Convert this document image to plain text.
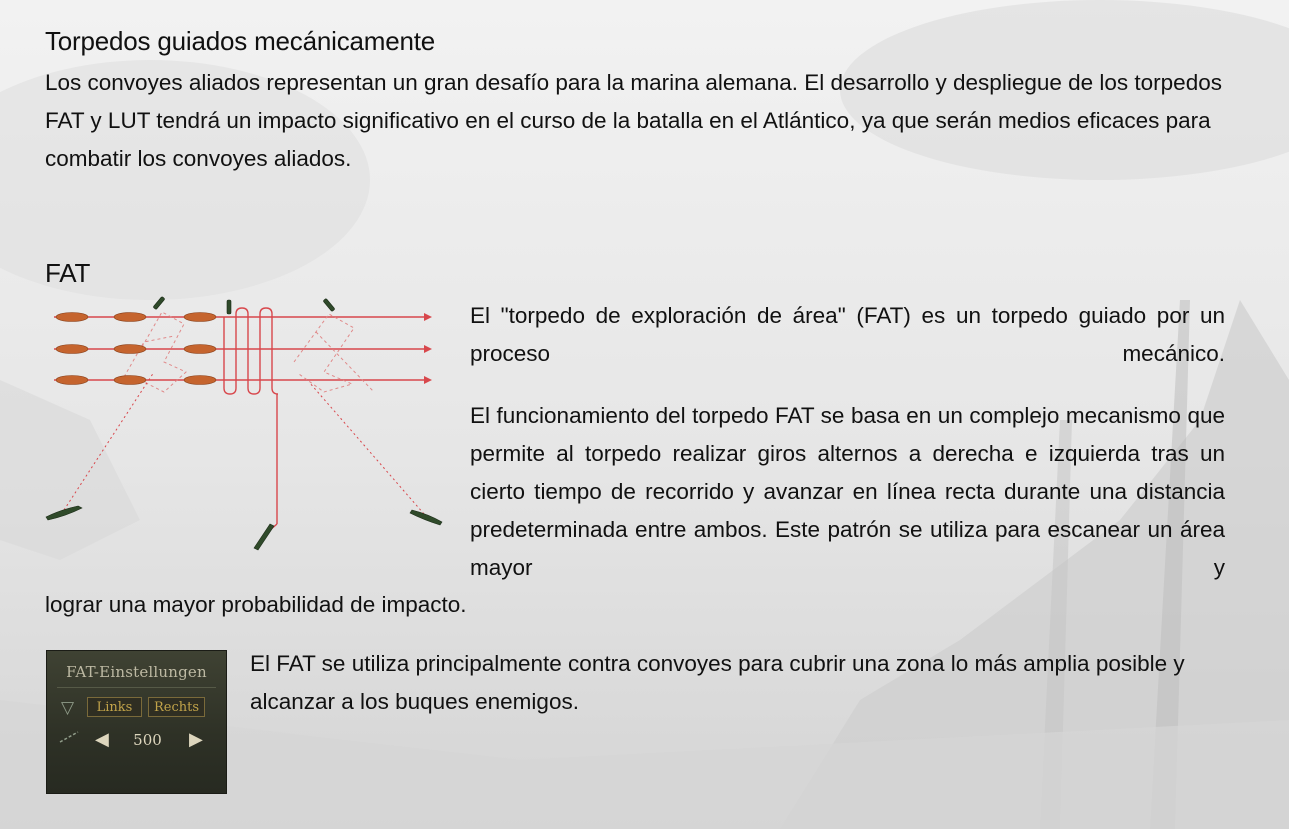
Torpedos guiados mecánicamente

Los convoyes aliados representan un gran desafío para la marina alemana. El desarrollo y despliegue de los torpedos FAT y LUT tendrá un impacto significativo en el curso de la batalla en el Atlántico, ya que serán medios eficaces para combatir los convoyes aliados.

FAT

El "torpedo de exploración de área" (FAT) es un torpedo guiado por un proceso mecánico.

El funcionamiento del torpedo FAT se basa en un complejo mecanismo que permite al torpedo realizar giros alternos a derecha e izquierda tras un cierto tiempo de recorrido y avanzar en línea recta durante una distancia predeterminada entre ambos. Este patrón se utiliza para escanear un área mayor y

lograr una mayor probabilidad de impacto.

FAT-Einstellungen
▽	Links	Rechts
◀	500	▶

El FAT se utiliza principalmente contra convoyes para cubrir una zona lo más amplia posible y alcanzar a los buques enemigos.
